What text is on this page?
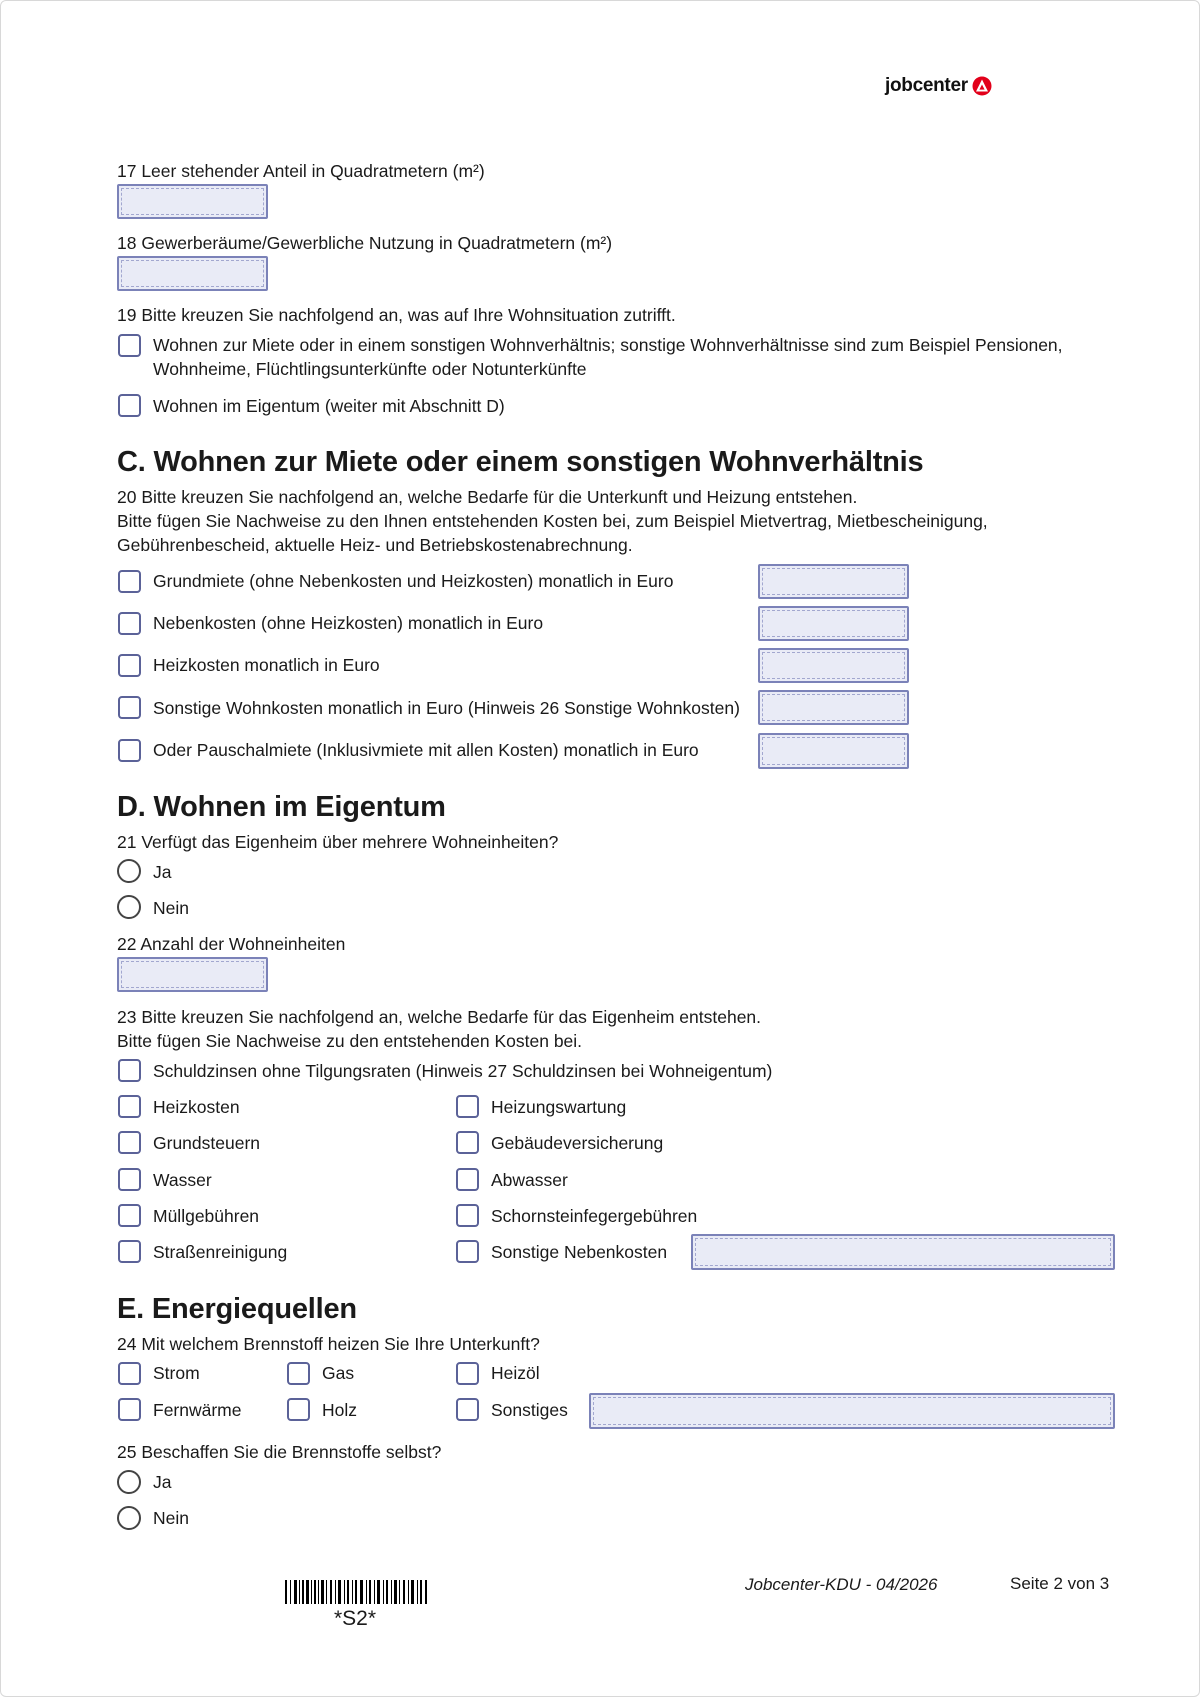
jobcenter
17 Leer stehender Anteil in Quadratmetern (m²)
18 Gewerberäume/Gewerbliche Nutzung in Quadratmetern (m²)
19 Bitte kreuzen Sie nachfolgend an, was auf Ihre Wohnsituation zutrifft.
Wohnen zur Miete oder in einem sonstigen Wohnverhältnis; sonstige Wohnverhältnisse sind zum Beispiel Pensionen, Wohnheime, Flüchtlingsunterkünfte oder Notunterkünfte
Wohnen im Eigentum (weiter mit Abschnitt D)
C. Wohnen zur Miete oder einem sonstigen Wohnverhältnis
20 Bitte kreuzen Sie nachfolgend an, welche Bedarfe für die Unterkunft und Heizung entstehen.
Bitte fügen Sie Nachweise zu den Ihnen entstehenden Kosten bei, zum Beispiel Mietvertrag, Mietbescheinigung, Gebührenbescheid, aktuelle Heiz- und Betriebskostenabrechnung.
Grundmiete (ohne Nebenkosten und Heizkosten) monatlich in Euro
Nebenkosten (ohne Heizkosten) monatlich in Euro
Heizkosten monatlich in Euro
Sonstige Wohnkosten monatlich in Euro (Hinweis 26 Sonstige Wohnkosten)
Oder Pauschalmiete (Inklusivmiete mit allen Kosten) monatlich in Euro
D. Wohnen im Eigentum
21 Verfügt das Eigenheim über mehrere Wohneinheiten?
Ja
Nein
22 Anzahl der Wohneinheiten
23 Bitte kreuzen Sie nachfolgend an, welche Bedarfe für das Eigenheim entstehen.
Bitte fügen Sie Nachweise zu den entstehenden Kosten bei.
Schuldzinsen ohne Tilgungsraten (Hinweis 27 Schuldzinsen bei Wohneigentum)
Heizkosten	Heizungswartung
Grundsteuern	Gebäudeversicherung
Wasser	Abwasser
Müllgebühren	Schornsteinfegergebühren
Straßenreinigung	Sonstige Nebenkosten
E. Energiequellen
24 Mit welchem Brennstoff heizen Sie Ihre Unterkunft?
Strom	Gas	Heizöl
Fernwärme	Holz	Sonstiges
25 Beschaffen Sie die Brennstoffe selbst?
Ja
Nein
*S2*
Jobcenter-KDU - 04/2026	Seite 2 von 3
